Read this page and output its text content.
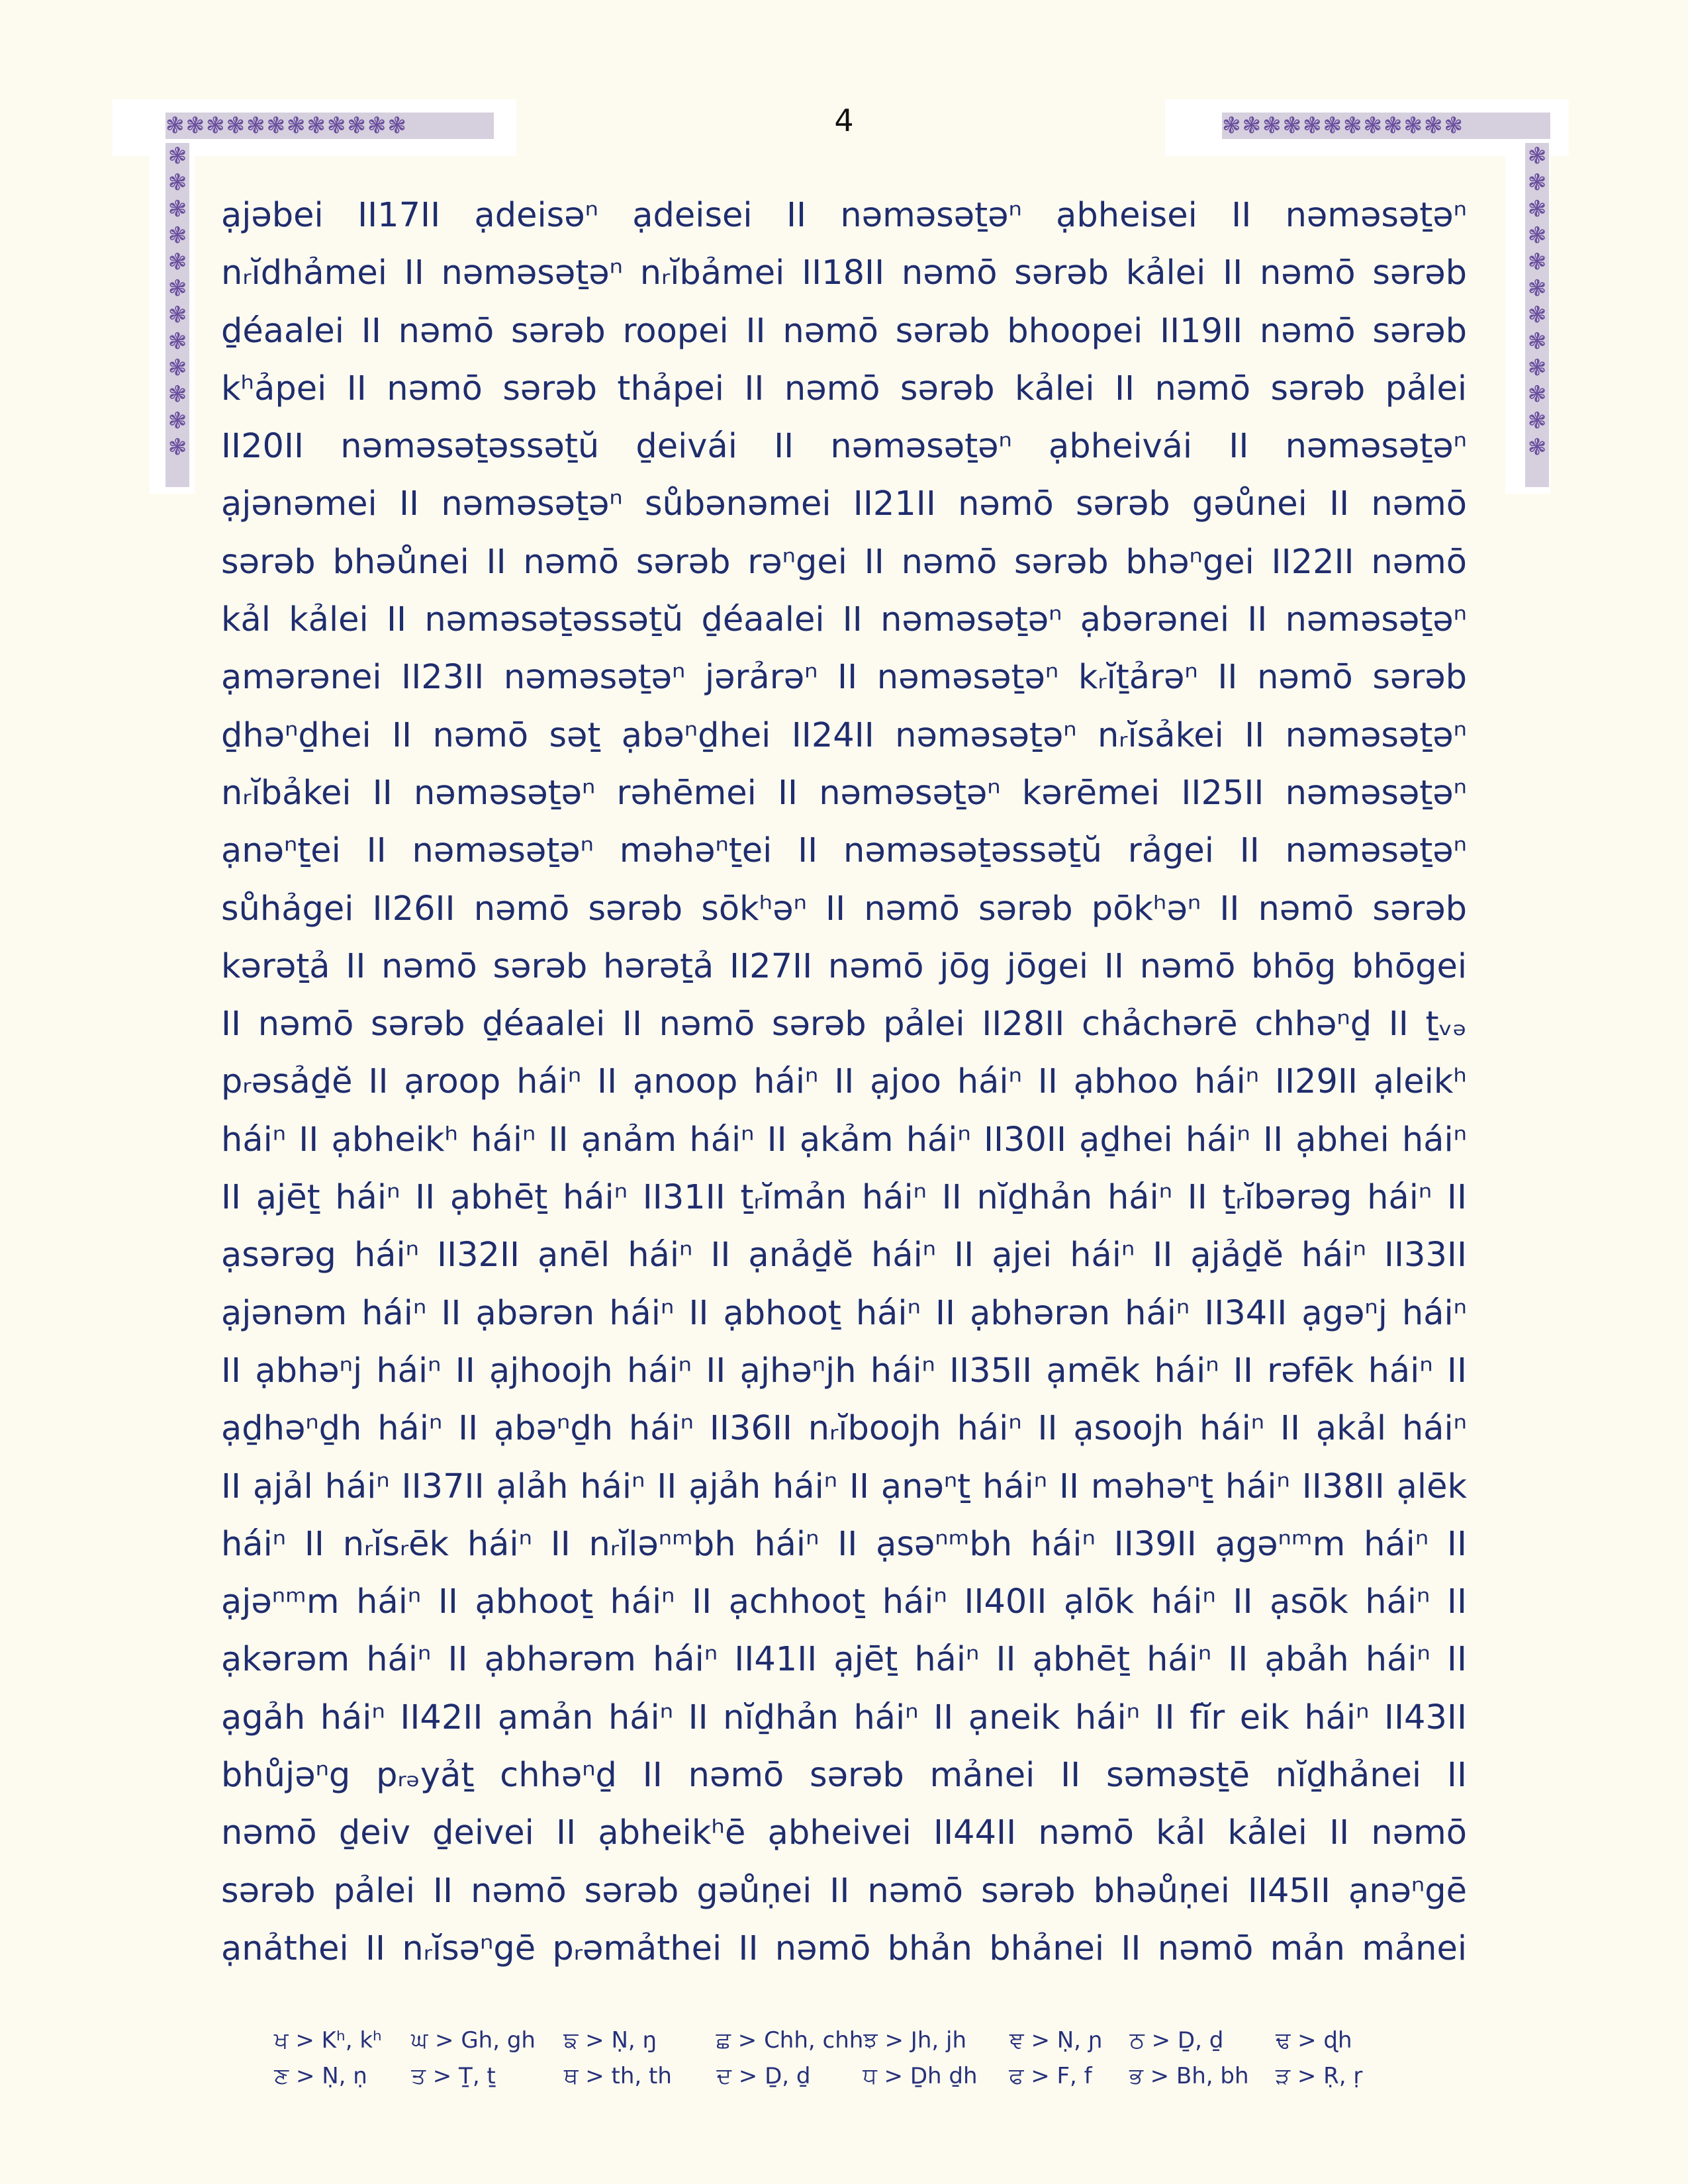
❃❃❃❃❃❃❃❃❃❃❃❃
❃❃❃❃❃❃❃❃❃❃❃❃
❃❃❃❃❃❃❃❃❃❃❃❃
❃❃❃❃❃❃❃❃❃❃❃❃
4
ạjəbei II17II ạdeisəⁿ ạdeisei II nəməsəṯəⁿ ạbheisei II nəməsəṯəⁿ
nᵣĭdhảmei II nəməsəṯəⁿ nᵣĭbảmei II18II nəmō sərəb kảlei II nəmō sərəb
ḏéaalei II nəmō sərəb roopei II nəmō sərəb bhoopei II19II nəmō sərəb
kʰảpei II nəmō sərəb thảpei II nəmō sərəb kảlei II nəmō sərəb pảlei
II20II nəməsəṯəssəṯŭ ḏeivái II nəməsəṯəⁿ ạbheivái II nəməsəṯəⁿ
ạjənəmei II nəməsəṯəⁿ sůbənəmei II21II nəmō sərəb gəůnei II nəmō
sərəb bhəůnei II nəmō sərəb rəⁿgei II nəmō sərəb bhəⁿgei II22II nəmō
kảl kảlei II nəməsəṯəssəṯŭ ḏéaalei II nəməsəṯəⁿ ạbərənei II nəməsəṯəⁿ
ạmərənei II23II nəməsəṯəⁿ jərảrəⁿ II nəməsəṯəⁿ kᵣĭṯảrəⁿ II nəmō sərəb
ḏhəⁿḏhei II nəmō səṯ ạbəⁿḏhei II24II nəməsəṯəⁿ nᵣĭsảkei II nəməsəṯəⁿ
nᵣĭbảkei II nəməsəṯəⁿ rəhēmei II nəməsəṯəⁿ kərēmei II25II nəməsəṯəⁿ
ạnəⁿṯei II nəməsəṯəⁿ məhəⁿṯei II nəməsəṯəssəṯŭ rảgei II nəməsəṯəⁿ
sůhảgei II26II nəmō sərəb sōkʰəⁿ II nəmō sərəb pōkʰəⁿ II nəmō sərəb
kərəṯả II nəmō sərəb hərəṯả II27II nəmō jōg jōgei II nəmō bhōg bhōgei
II nəmō sərəb ḏéaalei II nəmō sərəb pảlei II28II chảchərē chhəⁿḏ II ṯᵥₔ
pᵣəsảḏĕ II ạroop háiⁿ II ạnoop háiⁿ II ạjoo háiⁿ II ạbhoo háiⁿ II29II ạleikʰ
háiⁿ II ạbheikʰ háiⁿ II ạnảm háiⁿ II ạkảm háiⁿ II30II ạḏhei háiⁿ II ạbhei háiⁿ
II ạjēṯ háiⁿ II ạbhēṯ háiⁿ II31II ṯᵣĭmản háiⁿ II nĭḏhản háiⁿ II ṯᵣĭbərəg háiⁿ II
ạsərəg háiⁿ II32II ạnēl háiⁿ II ạnảḏĕ háiⁿ II ạjei háiⁿ II ạjảḏĕ háiⁿ II33II
ạjənəm háiⁿ II ạbərən háiⁿ II ạbhooṯ háiⁿ II ạbhərən háiⁿ II34II ạgəⁿj háiⁿ
II ạbhəⁿj háiⁿ II ạjhoojh háiⁿ II ạjhəⁿjh háiⁿ II35II ạmēk háiⁿ II rəfēk háiⁿ II
ạḏhəⁿḏh háiⁿ II ạbəⁿḏh háiⁿ II36II nᵣĭboojh háiⁿ II ạsoojh háiⁿ II ạkảl háiⁿ
II ạjảl háiⁿ II37II ạlảh háiⁿ II ạjảh háiⁿ II ạnəⁿṯ háiⁿ II məhəⁿṯ háiⁿ II38II ạlēk
háiⁿ II nᵣĭsᵣēk háiⁿ II nᵣĭləⁿᵐbh háiⁿ II ạsəⁿᵐbh háiⁿ II39II ạgəⁿᵐm háiⁿ II
ạjəⁿᵐm háiⁿ II ạbhooṯ háiⁿ II ạchhooṯ háiⁿ II40II ạlōk háiⁿ II ạsōk háiⁿ II
ạkərəm háiⁿ II ạbhərəm háiⁿ II41II ạjēṯ háiⁿ II ạbhēṯ háiⁿ II ạbảh háiⁿ II
ạgảh háiⁿ II42II ạmản háiⁿ II nĭḏhản háiⁿ II ạneik háiⁿ II fĭr eik háiⁿ II43II
bhůjəⁿg pᵣₔyảṯ chhəⁿḏ II nəmō sərəb mảnei II səməsṯē nĭḏhảnei II
nəmō ḏeiv ḏeivei II ạbheikʰē ạbheivei II44II nəmō kảl kảlei II nəmō
sərəb pảlei II nəmō sərəb gəůṇei II nəmō sərəb bhəůṇei II45II ạnəⁿgē
ạnảthei II nᵣĭsəⁿgē pᵣəmảthei II nəmō bhản bhảnei II nəmō mản mảnei
ਖ > Kʰ, kʰ	ਘ > Gh, gh	ਙ > Ṇ, ŋ	ਛ > Chh, chh ਝ > Jh, jh	ਞ > Ṇ, ɲ	ਠ > Ḏ, ḏ	ਢ > ɖh
ਣ > Ṇ, ṇ	ਤ > Ṯ, ṯ	ਥ > th, th	ਦ > Ḏ, ḏ	ਧ > Ḏh ḏh	ਫ > F, f	ਭ > Bh, bh	ੜ > Ṛ, ṛ
